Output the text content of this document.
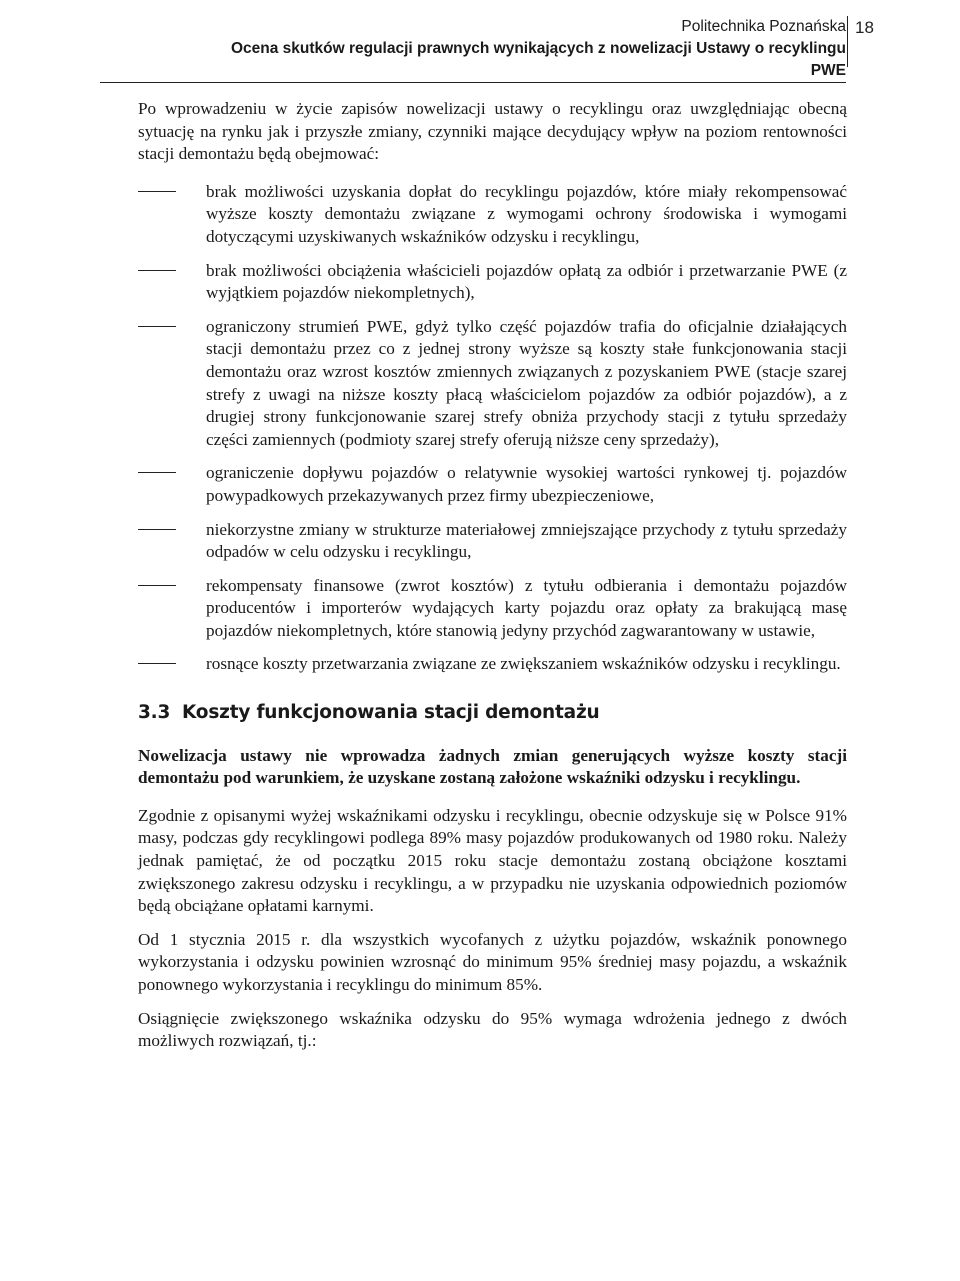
Politechnika Poznańska
Ocena skutków regulacji prawnych wynikających z nowelizacji Ustawy o recyklingu
PWE
18

Po wprowadzeniu w życie zapisów nowelizacji ustawy o recyklingu oraz uwzględniając obecną sytuację na rynku jak i przyszłe zmiany, czynniki mające decydujący wpływ na poziom rentowności stacji demontażu będą obejmować:

brak możliwości uzyskania dopłat do recyklingu pojazdów, które miały rekompensować wyższe koszty demontażu związane z wymogami ochrony środowiska i wymogami dotyczącymi uzyskiwanych wskaźników odzysku i recyklingu,
brak możliwości obciążenia właścicieli pojazdów opłatą za odbiór i przetwarzanie PWE (z wyjątkiem pojazdów niekompletnych),
ograniczony strumień PWE, gdyż tylko część pojazdów trafia do oficjalnie działających stacji demontażu przez co z jednej strony wyższe są koszty stałe funkcjonowania stacji demontażu oraz wzrost kosztów zmiennych związanych z pozyskaniem PWE (stacje szarej strefy z uwagi na niższe koszty płacą właścicielom pojazdów za odbiór pojazdów), a z drugiej strony funkcjonowanie szarej strefy obniża przychody stacji z tytułu sprzedaży części zamiennych (podmioty szarej strefy oferują niższe ceny sprzedaży),
ograniczenie dopływu pojazdów o relatywnie wysokiej wartości rynkowej tj. pojazdów powypadkowych przekazywanych przez firmy ubezpieczeniowe,
niekorzystne zmiany w strukturze materiałowej zmniejszające przychody z tytułu sprzedaży odpadów w celu odzysku i recyklingu,
rekompensaty finansowe (zwrot kosztów) z tytułu odbierania i demontażu pojazdów producentów i importerów wydających karty pojazdu oraz opłaty za brakującą masę pojazdów niekompletnych, które stanowią jedyny przychód zagwarantowany w ustawie,
rosnące koszty przetwarzania związane ze zwiększaniem wskaźników odzysku i recyklingu.
3.3 Koszty funkcjonowania stacji demontażu

Nowelizacja ustawy nie wprowadza żadnych zmian generujących wyższe koszty stacji demontażu pod warunkiem, że uzyskane zostaną założone wskaźniki odzysku i recyklingu.

Zgodnie z opisanymi wyżej wskaźnikami odzysku i recyklingu, obecnie odzyskuje się w Polsce 91% masy, podczas gdy recyklingowi podlega 89% masy pojazdów produkowanych od 1980 roku. Należy jednak pamiętać, że od początku 2015 roku stacje demontażu zostaną obciążone kosztami zwiększonego zakresu odzysku i recyklingu, a w przypadku nie uzyskania odpowiednich poziomów będą obciążane opłatami karnymi.

Od 1 stycznia 2015 r. dla wszystkich wycofanych z użytku pojazdów, wskaźnik ponownego wykorzystania i odzysku powinien wzrosnąć do minimum 95% średniej masy pojazdu, a wskaźnik ponownego wykorzystania i recyklingu do minimum 85%.

Osiągnięcie zwiększonego wskaźnika odzysku do 95% wymaga wdrożenia jednego z dwóch możliwych rozwiązań, tj.:
